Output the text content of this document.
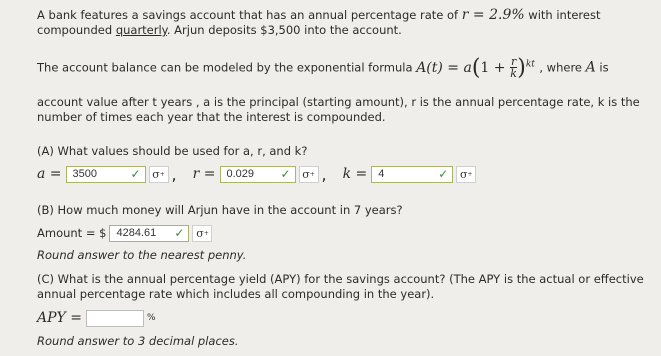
A bank features a savings account that has an annual percentage rate of r = 2.9% with interest
compounded quarterly. Arjun deposits $3,500 into the account.
The account balance can be modeled by the exponential formula $A(t) = a(1 + \frac{r}{k} )^{kt}$ , where A is
account value after t years , a is the principal (starting amount), r is the annual percentage rate, k is the
number of times each year that the interest is compounded.
(A) What values should be used for a, r, and k?
a = 3500	✓	σ + , r = 0.029 ✓	σ + , k = 4	✓	σ +
(B) How much money will Arjun have in the account in 7 years?
Amount = $ 4284.61 ✓	σ +
Round answer to the nearest penny.
(C) What is the annual percentage yield (APY) for the savings account? (The APY is the actual or effective
annual percentage rate which includes all compounding in the year).
APY =	%
Round answer to 3 decimal places.
